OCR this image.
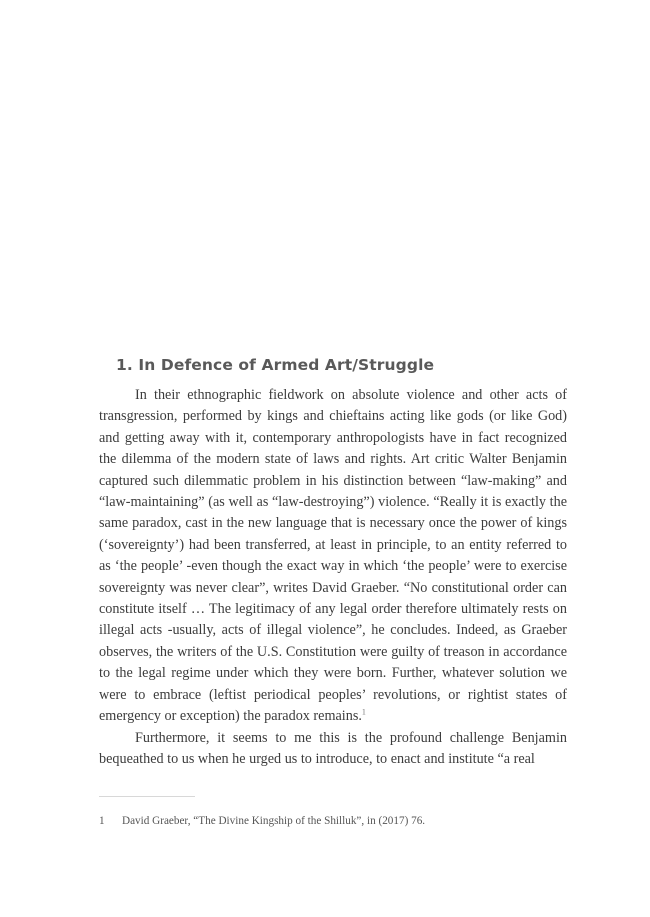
1. In Defence of Armed Art/Struggle

In their ethnographic fieldwork on absolute violence and other acts of transgression, performed by kings and chieftains acting like gods (or like God) and getting away with it, contemporary anthropologists have in fact recognized the dilemma of the modern state of laws and rights. Art critic Walter Benjamin captured such dilemmatic problem in his distinction between “law-making” and “law-maintaining” (as well as “law-destroying”) violence. “Really it is exactly the same paradox, cast in the new language that is necessary once the power of kings (‘sovereignty’) had been transferred, at least in principle, to an entity referred to as ‘the people’ -even though the exact way in which ‘the people’ were to exercise sovereignty was never clear”, writes David Graeber. “No constitutional order can constitute itself … The legitimacy of any legal order therefore ultimately rests on illegal acts -usually, acts of illegal violence”, he concludes. Indeed, as Graeber observes, the writers of the U.S. Constitution were guilty of treason in accordance to the legal regime under which they were born. Further, whatever solution we were to embrace (leftist periodical peoples’ revolutions, or rightist states of emergency or exception) the paradox remains.$^1$

Furthermore, it seems to me this is the profound challenge Benjamin bequeathed to us when he urged us to introduce, to enact and institute “a real

1 David Graeber, “The Divine Kingship of the Shilluk”, in (2017) 76.
